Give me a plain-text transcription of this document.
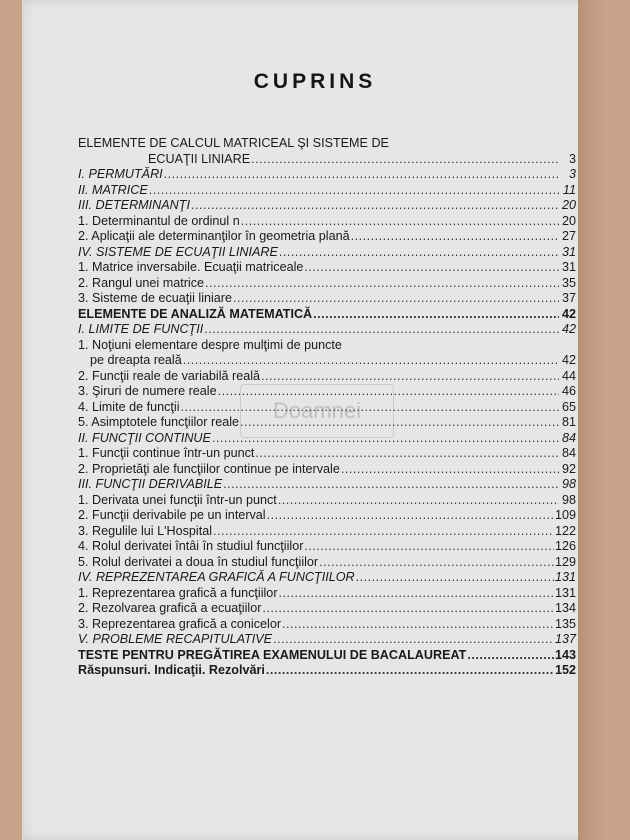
CUPRINS
Doamnei
ELEMENTE DE CALCUL MATRICEAL ŞI SISTEME DE
ECUAŢII LINIARE .....	3
I. PERMUTĂRI .....	3
II. MATRICE .....	11
III. DETERMINANŢI .....	20
1. Determinantul de ordinul n .....	20
2. Aplicaţii ale determinanţilor în geometria plană .....	27
IV. SISTEME DE ECUAŢII LINIARE .....	31
1. Matrice inversabile. Ecuaţii matriceale .....	31
2. Rangul unei matrice .....	35
3. Sisteme de ecuaţii liniare .....	37
ELEMENTE DE ANALIZĂ MATEMATICĂ .....	42
I. LIMITE DE FUNCŢII .....	42
1. Noţiuni elementare despre mulţimi de puncte
pe dreapta reală .....	42
2. Funcţii reale de variabilă reală .....	44
3. Şiruri de numere reale .....	46
4. Limite de funcţii .....	65
5. Asimptotele funcţiilor reale .....	81
II. FUNCŢII CONTINUE .....	84
1. Funcţii continue într-un punct .....	84
2. Proprietăţi ale funcţiilor continue pe intervale .....	92
III. FUNCŢII DERIVABILE .....	98
1. Derivata unei funcţii într-un punct .....	98
2. Funcţii derivabile pe un interval .....	109
3. Regulile lui L'Hospital .....	122
4. Rolul derivatei întâi în studiul funcţiilor .....	126
5. Rolul derivatei a doua în studiul funcţiilor .....	129
IV. REPREZENTAREA GRAFICĂ A FUNCŢIILOR .....	131
1. Reprezentarea grafică a funcţiilor .....	131
2. Rezolvarea grafică a ecuaţiilor .....	134
3. Reprezentarea grafică a conicelor .....	135
V. PROBLEME RECAPITULATIVE .....	137
TESTE PENTRU PREGĂTIREA EXAMENULUI DE BACALAUREAT .....	143
Răspunsuri. Indicaţii. Rezolvări .....	152
